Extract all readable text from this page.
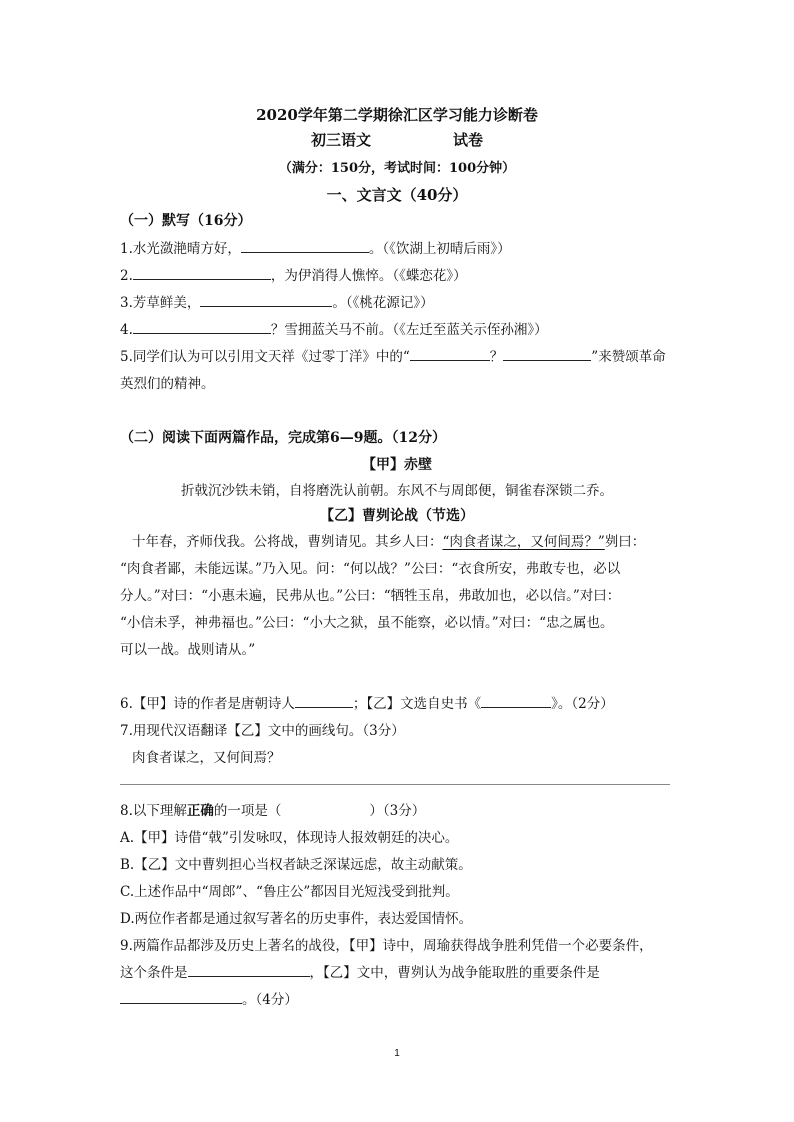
2020学年第二学期徐汇区学习能力诊断卷
初三语文	试卷
（满分：150分，考试时间：100分钟）
一、文言文（40分）
（一）默写（16分）
1.水光潋滟晴方好，	。（《饮湖上初晴后雨》）
2.	，为伊消得人憔悴。（《蝶恋花》）
3.芳草鲜美，	。（《桃花源记》）
4.	？雪拥蓝关马不前。（《左迁至蓝关示侄孙湘》）
5.同学们认为可以引用文天祥《过零丁洋》中的“	？	”来赞颂革命
英烈们的精神。
（二）阅读下面两篇作品，完成第6—9题。（12分）
【甲】赤壁
折戟沉沙铁未销，自将磨洗认前朝。东风不与周郎便，铜雀春深锁二乔。
【乙】曹刿论战（节选）
十年春，齐师伐我。公将战，曹刿请见。其乡人曰：“肉食者谋之，又何间焉？”刿曰：
“肉食者鄙，未能远谋。”乃入见。问：“何以战？”公曰：“衣食所安，弗敢专也，必以
分人。”对曰：“小惠未遍，民弗从也。”公曰：“牺牲玉帛，弗敢加也，必以信。”对曰：
“小信未孚，神弗福也。”公曰：“小大之狱，虽不能察，必以情。”对曰：“忠之属也。
可以一战。战则请从。”
6.【甲】诗的作者是唐朝诗人	；【乙】文选自史书《	》。（2分）
7.用现代汉语翻译【乙】文中的画线句。（3分）
肉食者谋之，又何间焉？
8.以下理解正确的一项是（	）（3分）
A.【甲】诗借“戟”引发咏叹，体现诗人报效朝廷的决心。
B.【乙】文中曹刿担心当权者缺乏深谋远虑，故主动献策。
C.上述作品中“周郎”、“鲁庄公”都因目光短浅受到批判。
D.两位作者都是通过叙写著名的历史事件，表达爱国情怀。
9.两篇作品都涉及历史上著名的战役，【甲】诗中，周瑜获得战争胜利凭借一个必要条件，
这个条件是	，【乙】文中，曹刿认为战争能取胜的重要条件是
。（4分）
1
